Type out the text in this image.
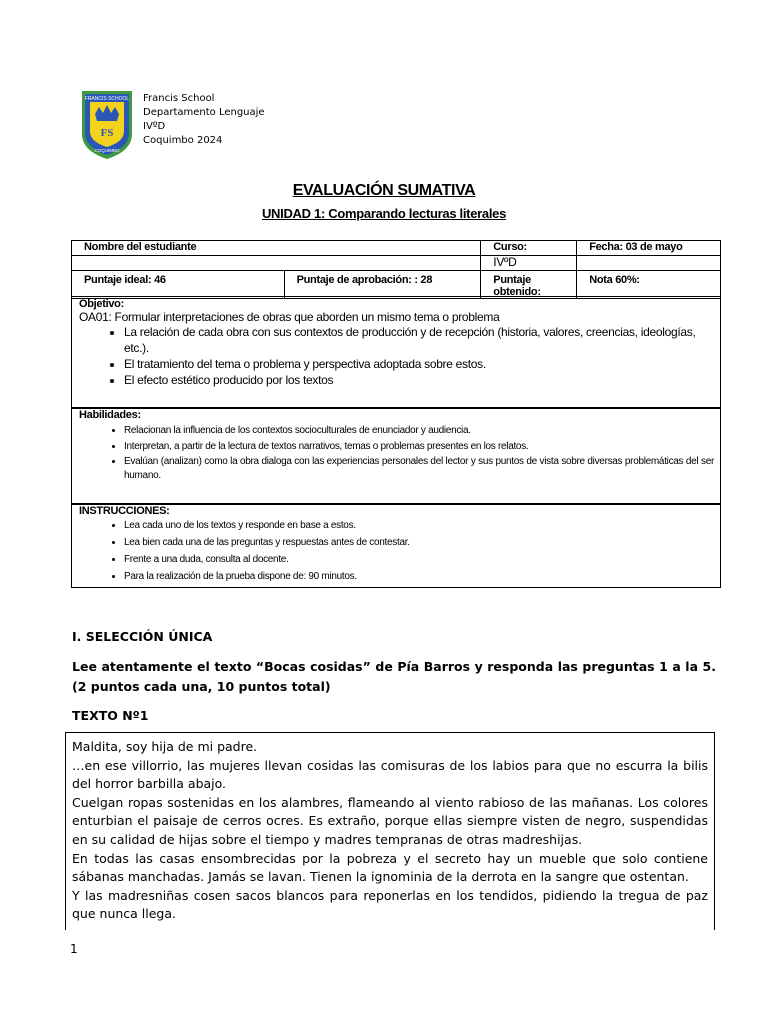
FS
FRANCIS SCHOOL
COQUIMBO
Francis School
Departamento Lenguaje
IVºD
Coquimbo 2024
EVALUACIÓN SUMATIVA
UNIDAD 1: Comparando lecturas literales
Nombre del estudiante		Curso:	Fecha: 03 de mayo
		IVºD	
Puntaje ideal: 46	Puntaje de aprobación: : 28	Puntaje obtenido:	Nota 60%:
Objetivo:
OA01: Formular interpretaciones de obras que aborden un mismo tema o problema
• La relación de cada obra con sus contextos de producción y de recepción (historia, valores, creencias, ideologías, etc.).
• El tratamiento del tema o problema y perspectiva adoptada sobre estos.
• El efecto estético producido por los textos
Habilidades:
• Relacionan la influencia de los contextos socioculturales de enunciador y audiencia.
• Interpretan, a partir de la lectura de textos narrativos, temas o problemas presentes en los relatos.
• Evalúan (analizan) como la obra dialoga con las experiencias personales del lector y sus puntos de vista sobre diversas problemáticas del ser humano.
INSTRUCCIONES:
• Lea cada uno de los textos y responde en base a estos.
• Lea bien cada una de las preguntas y respuestas antes de contestar.
• Frente a una duda, consulta al docente.
• Para la realización de la prueba dispone de: 90 minutos.
I. SELECCIÓN ÚNICA
Lee atentamente el texto “Bocas cosidas” de Pía Barros y responda las preguntas 1 a la 5. (2 puntos cada una, 10 puntos total)
TEXTO Nº1

Maldita, soy hija de mi padre.

…en ese villorrio, las mujeres llevan cosidas las comisuras de los labios para que no escurra la bilis del horror barbilla abajo.

Cuelgan ropas sostenidas en los alambres, flameando al viento rabioso de las mañanas. Los colores enturbian el paisaje de cerros ocres. Es extraño, porque ellas siempre visten de negro, suspendidas en su calidad de hijas sobre el tiempo y madres tempranas de otras madreshijas.

En todas las casas ensombrecidas por la pobreza y el secreto hay un mueble que solo contiene sábanas manchadas. Jamás se lavan. Tienen la ignominia de la derrota en la sangre que ostentan.

Y las madresniñas cosen sacos blancos para reponerlas en los tendidos, pidiendo la tregua de paz que nunca llega.

1
